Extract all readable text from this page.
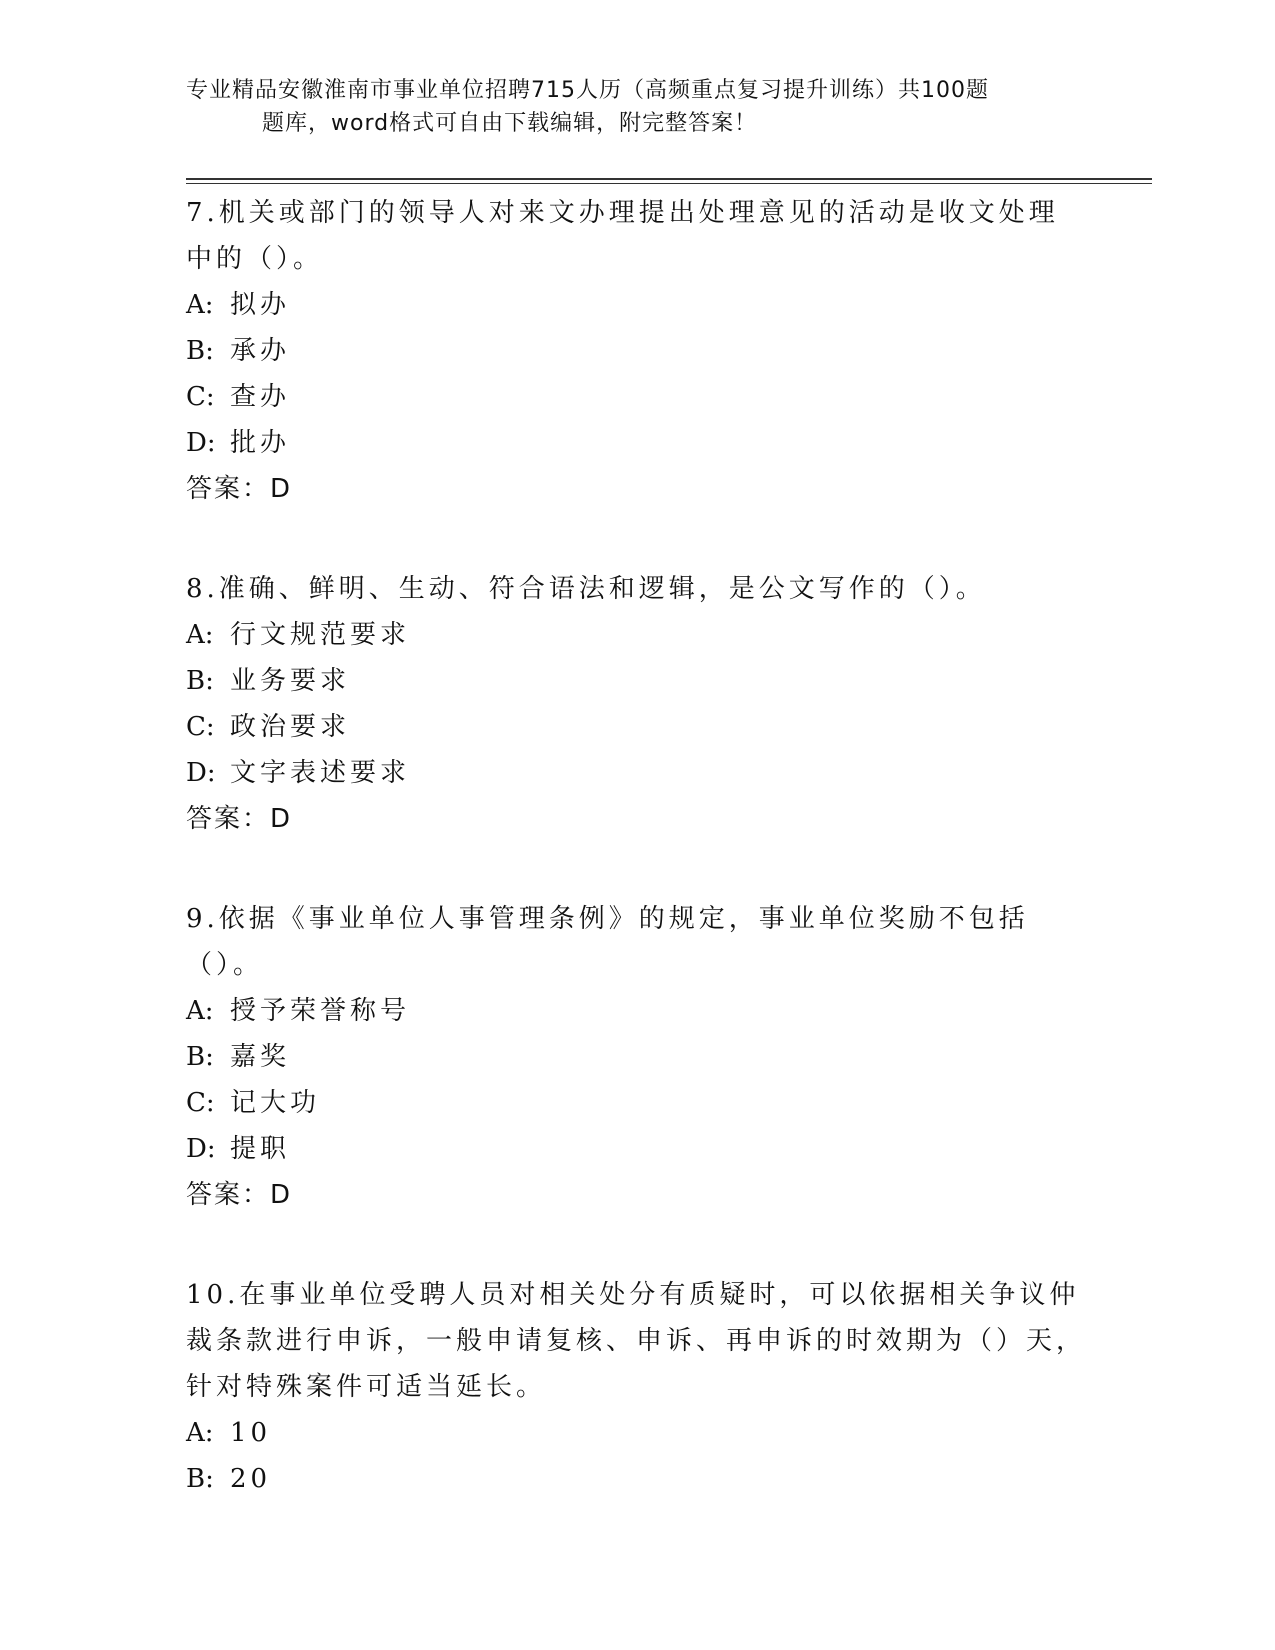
专业精品安徽淮南市事业单位招聘715人历（高频重点复习提升训练）共100题
题库，word格式可自由下载编辑，附完整答案！

7.机关或部门的领导人对来文办理提出处理意见的活动是收文处理中的（）。

A: 拟办

B: 承办

C: 查办

D: 批办

答案：D

8.准确、鲜明、生动、符合语法和逻辑，是公文写作的（）。

A: 行文规范要求

B: 业务要求

C: 政治要求

D: 文字表述要求

答案：D

9.依据《事业单位人事管理条例》的规定，事业单位奖励不包括（）。

A: 授予荣誉称号

B: 嘉奖

C: 记大功

D: 提职

答案：D

10.在事业单位受聘人员对相关处分有质疑时，可以依据相关争议仲裁条款进行申诉，一般申请复核、申诉、再申诉的时效期为（）天，针对特殊案件可适当延长。

A: 10

B: 20
